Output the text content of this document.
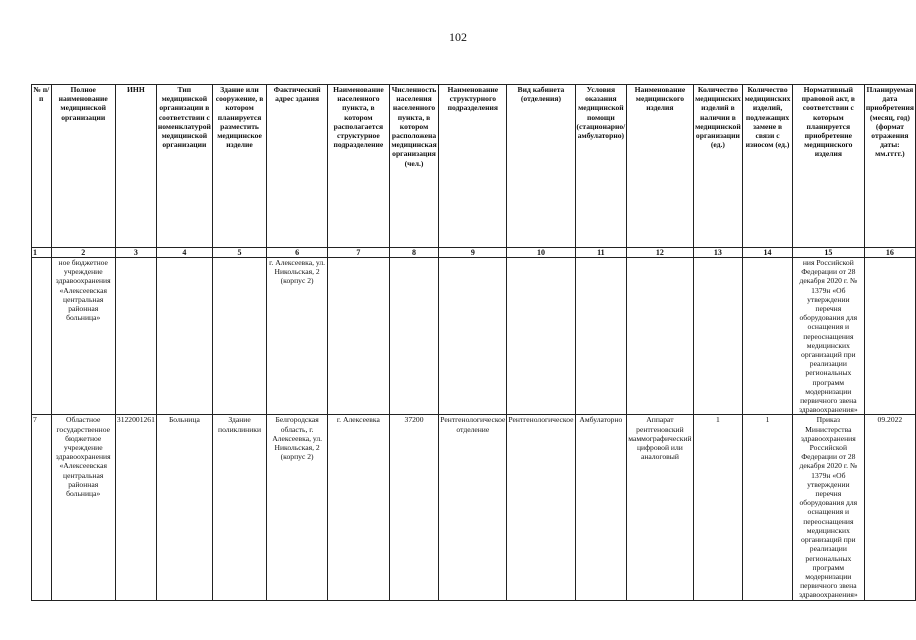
102
№ п/п	Полное наименование медицинской организации	ИНН	Тип медицинской организации в соответствии с номенклатурой медицинской организации	Здание или сооружение, в котором планируется разместить медицинское изделие	Фактический адрес здания	Наименование населенного пункта, в котором располагается структурное подразделение	Численность населения населенного пункта, в котором расположена медицинская организация (чел.)	Наименование структурного подразделения	Вид кабинета (отделения)	Условия оказания медицинской помощи (стационарно/амбулаторно)	Наименование медицинского изделия	Количество медицинских изделий в наличии в медицинской организации (ед.)	Количество медицинских изделий, подлежащих замене в связи с износом (ед.)	Нормативный правовой акт, в соответствии с которым планируется приобретение медицинского изделия	Планируемая дата приобретения (месяц, год) (формат отражения даты: мм.гггг.)
1	2	3	4	5	6	7	8	9	10	11	12	13	14	15	16
	ное бюджетное учреждение здравоохранения «Алексеевская центральная районная больница»				г. Алексеевка, ул. Никольская, 2 (корпус 2)									ния Российской Федерации от 28 декабря 2020 г. № 1379н «Об утверждении перечня оборудования для оснащения и переоснащения медицинских организаций при реализации региональных программ модернизации первичного звена здравоохранения»	
7	Областное государственное бюджетное учреждение здравоохранения «Алексеевская центральная районная больница»	3122001261	Больница	Здание поликлиники	Белгородская область, г. Алексеевка, ул. Никольская, 2 (корпус 2)	г. Алексеевка	37200	Рентгенологическое отделение	Рентгенологическое	Амбулаторно	Аппарат рентгеновский маммографический цифровой или аналоговый	1	1	Приказ Министерства здравоохранения Российской Федерации от 28 декабря 2020 г. № 1379н «Об утверждении перечня оборудования для оснащения и переоснащения медицинских организаций при реализации региональных программ модернизации первичного звена здравоохранения»	09.2022
